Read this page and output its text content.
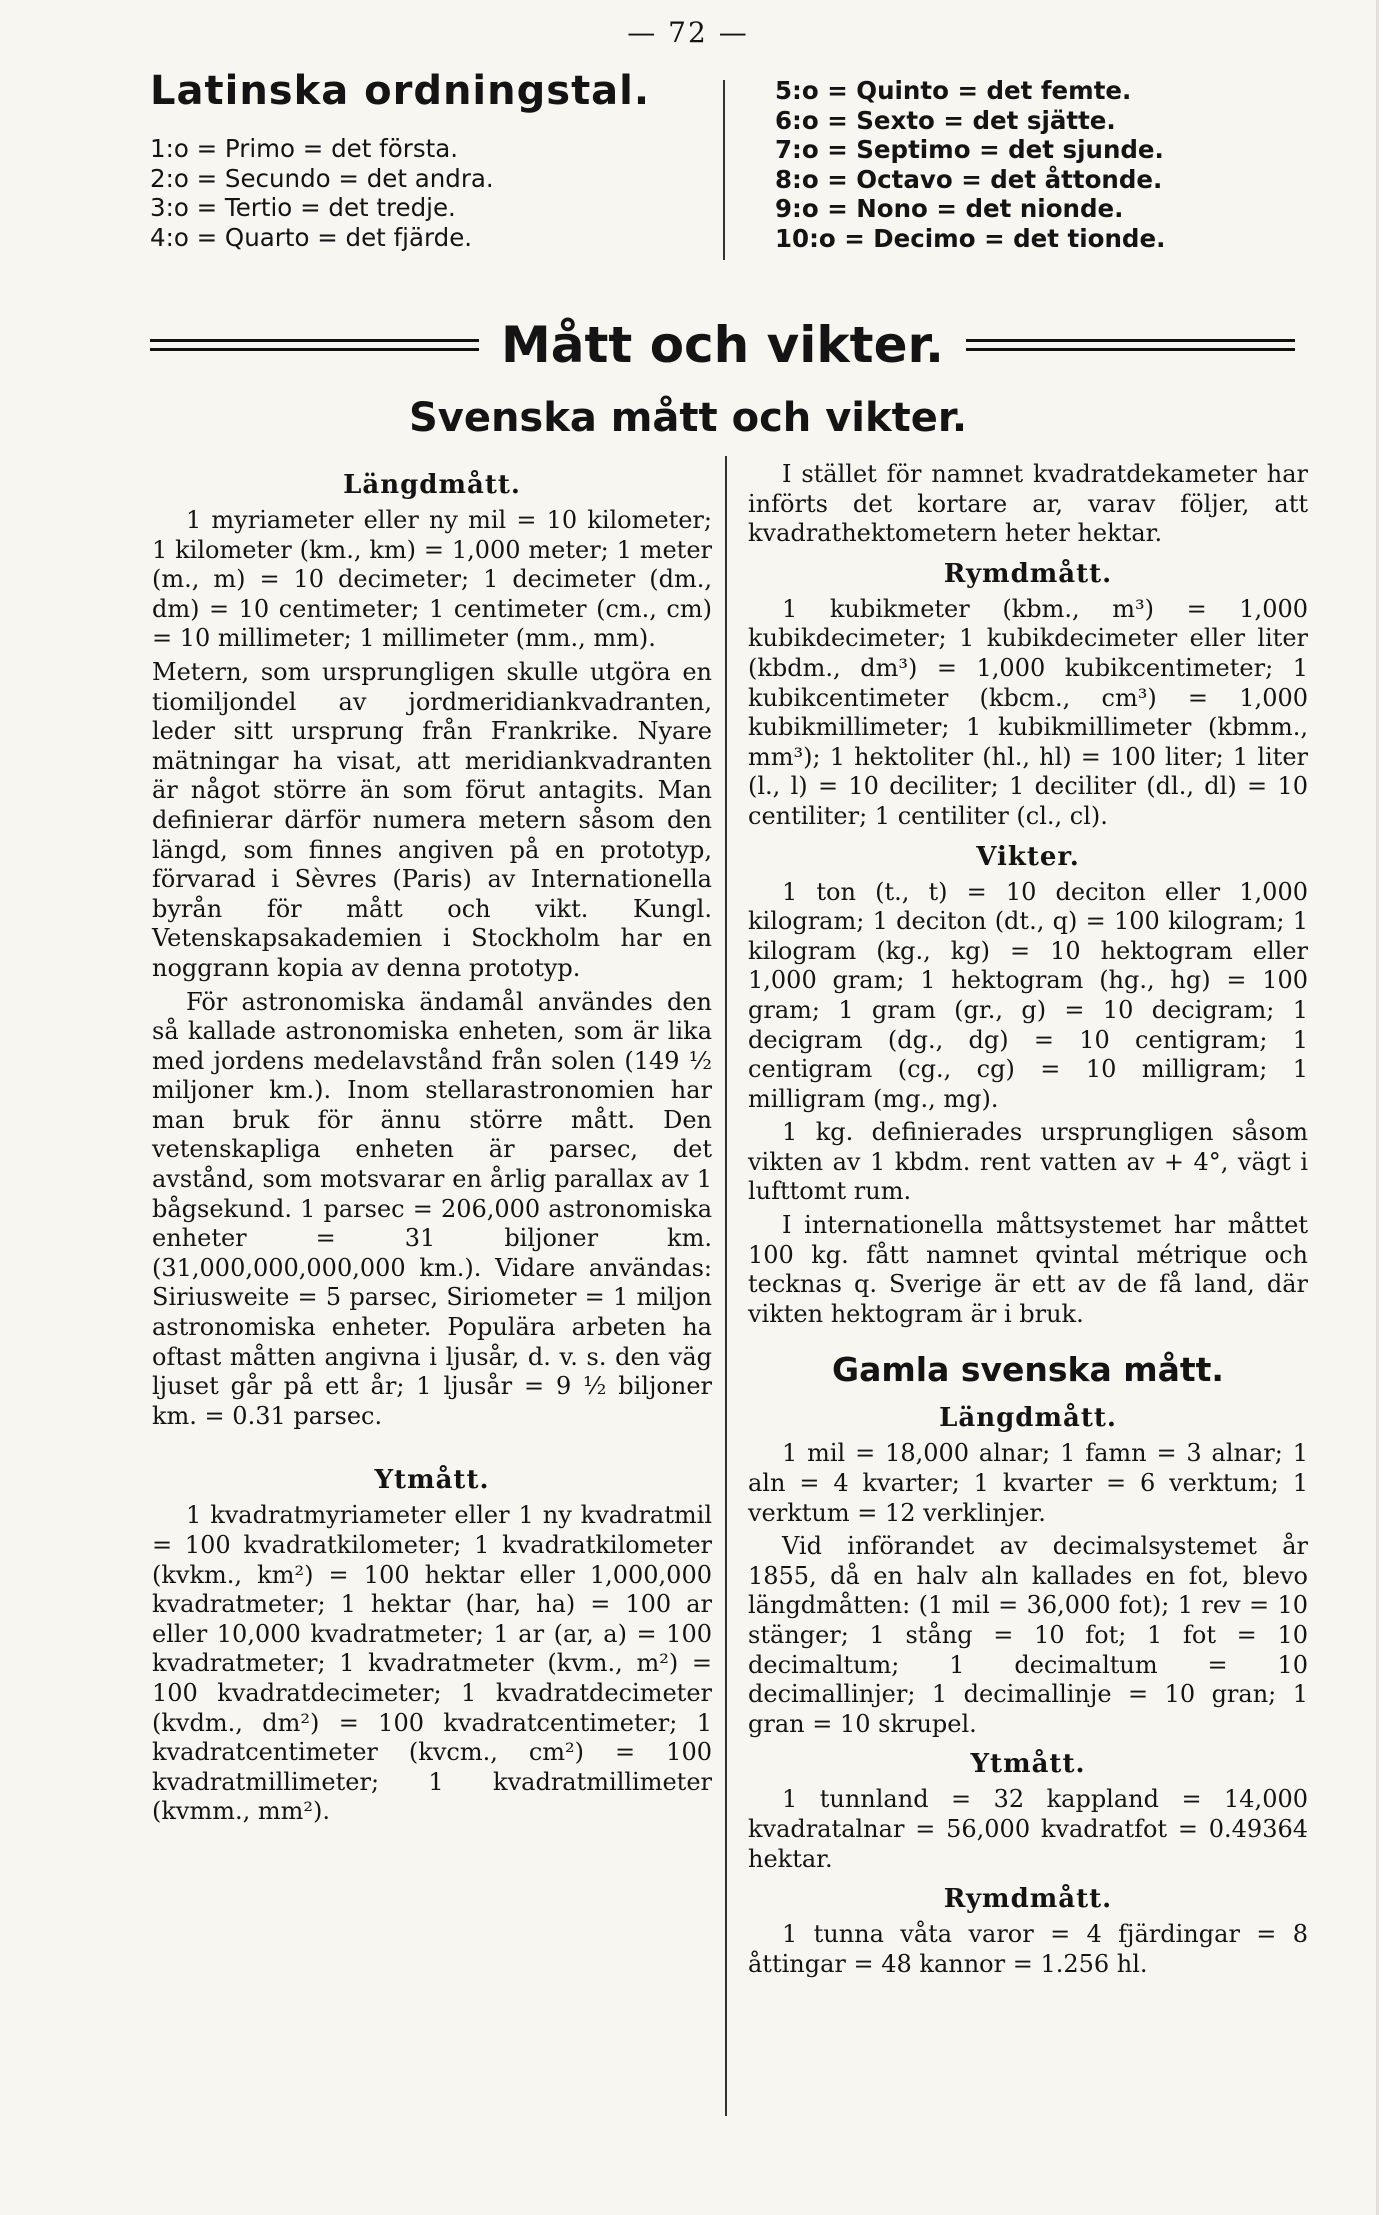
— 72 —
Latinska ordningstal.
1:o = Primo = det första.
2:o = Secundo = det andra.
3:o = Tertio = det tredje.
4:o = Quarto = det fjärde.
5:o = Quinto = det femte.
6:o = Sexto = det sjätte.
7:o = Septimo = det sjunde.
8:o = Octavo = det åttonde.
9:o = Nono = det nionde.
10:o = Decimo = det tionde.
Mått och vikter.
Svenska mått och vikter.
Längdmått.

1 myriameter eller ny mil = 10 kilometer; 1 kilometer (km., km) = 1,000 meter; 1 meter (m., m) = 10 decimeter; 1 decimeter (dm., dm) = 10 centimeter; 1 centimeter (cm., cm) = 10 millimeter; 1 millimeter (mm., mm).

Metern, som ursprungligen skulle utgöra en tiomiljondel av jordmeridiankvadranten, leder sitt ursprung från Frankrike. Nyare mätningar ha visat, att meridiankvadranten är något större än som förut antagits. Man definierar därför numera metern såsom den längd, som finnes angiven på en prototyp, förvarad i Sèvres (Paris) av Internationella byrån för mått och vikt. Kungl. Vetenskapsakademien i Stockholm har en noggrann kopia av denna prototyp.

För astronomiska ändamål användes den så kallade astronomiska enheten, som är lika med jordens medelavstånd från solen (149 ½ miljoner km.). Inom stellarastronomien har man bruk för ännu större mått. Den vetenskapliga enheten är parsec, det avstånd, som motsvarar en årlig parallax av 1 bågsekund. 1 parsec = 206,000 astronomiska enheter = 31 biljoner km. (31,000,000,000,000 km.). Vidare användas: Siriusweite = 5 parsec, Siriometer = 1 miljon astronomiska enheter. Populära arbeten ha oftast måtten angivna i ljusår, d. v. s. den väg ljuset går på ett år; 1 ljusår = 9 ½ biljoner km. = 0.31 parsec.

Ytmått.

1 kvadratmyriameter eller 1 ny kvadratmil = 100 kvadratkilometer; 1 kvadratkilometer (kvkm., km²) = 100 hektar eller 1,000,000 kvadratmeter; 1 hektar (har, ha) = 100 ar eller 10,000 kvadratmeter; 1 ar (ar, a) = 100 kvadratmeter; 1 kvadratmeter (kvm., m²) = 100 kvadratdecimeter; 1 kvadratdecimeter (kvdm., dm²) = 100 kvadratcentimeter; 1 kvadratcentimeter (kvcm., cm²) = 100 kvadratmillimeter; 1 kvadratmillimeter (kvmm., mm²).

I stället för namnet kvadratdekameter har införts det kortare ar, varav följer, att kvadrathektometern heter hektar.

Rymdmått.

1 kubikmeter (kbm., m³) = 1,000 kubikdecimeter; 1 kubikdecimeter eller liter (kbdm., dm³) = 1,000 kubikcentimeter; 1 kubikcentimeter (kbcm., cm³) = 1,000 kubikmillimeter; 1 kubikmillimeter (kbmm., mm³); 1 hektoliter (hl., hl) = 100 liter; 1 liter (l., l) = 10 deciliter; 1 deciliter (dl., dl) = 10 centiliter; 1 centiliter (cl., cl).

Vikter.

1 ton (t., t) = 10 deciton eller 1,000 kilogram; 1 deciton (dt., q) = 100 kilogram; 1 kilogram (kg., kg) = 10 hektogram eller 1,000 gram; 1 hektogram (hg., hg) = 100 gram; 1 gram (gr., g) = 10 decigram; 1 decigram (dg., dg) = 10 centigram; 1 centigram (cg., cg) = 10 milligram; 1 milligram (mg., mg).

1 kg. definierades ursprungligen såsom vikten av 1 kbdm. rent vatten av + 4°, vägt i lufttomt rum.

I internationella måttsystemet har måttet 100 kg. fått namnet qvintal métrique och tecknas q. Sverige är ett av de få land, där vikten hektogram är i bruk.

Gamla svenska mått.
Längdmått.

1 mil = 18,000 alnar; 1 famn = 3 alnar; 1 aln = 4 kvarter; 1 kvarter = 6 verktum; 1 verktum = 12 verklinjer.

Vid införandet av decimalsystemet år 1855, då en halv aln kallades en fot, blevo längdmåtten: (1 mil = 36,000 fot); 1 rev = 10 stänger; 1 stång = 10 fot; 1 fot = 10 decimaltum; 1 decimaltum = 10 decimallinjer; 1 decimallinje = 10 gran; 1 gran = 10 skrupel.

Ytmått.

1 tunnland = 32 kappland = 14,000 kvadratalnar = 56,000 kvadratfot = 0.49364 hektar.

Rymdmått.

1 tunna våta varor = 4 fjärdingar = 8 åttingar = 48 kannor = 1.256 hl.
